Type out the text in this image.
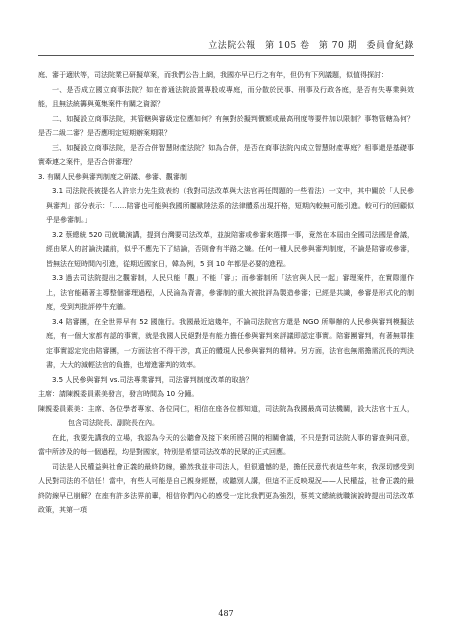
立法院公報 第 105 卷 第 70 期 委員會紀錄

庭、審于適狀等，司法院業已研擬草案，而我們公告上網，我國亦早已行之有年，但仍有下列議題，似值得探討：

一、是否成立國立商事法院？如在普通法院設置專股或專庭，而分散於民事、刑事及行政各庭，是否有失專業與效能，且無法統籌與蒐集案件有關之資源？

二、如擬設立商事法院，其管轄與審級定位應如何？有無對於擬判價額或最高刑度等要件加以限制？事物管轄為何？是否二級二審？是否應明定短期辦案期限？

三、如擬設立商事法院，是否合併智慧財產法院？如為合併，是否在商事法院內成立智慧財產專庭？相事還是基礎事實牽連之案件，是否合併審理？

3. 有關人民參與審判制度之研議、參審、觀審制

3.1 司法院長被提名人許宗力先生致表約（我對司法改革與大法官再任問題的一些看法）一文中，其中關於「人民參與審判」部分表示：「……陪審也可能與我國所屬歐陸法系的法律體系出現扞格，短期內較無可能引進。較可行的回顧似乎是參審制。」

3.2 蔡總統 520 司就職演講，提到台灣要司法改革，並說陪審或參審來選擇一事，竟然在本屆由全國司法國是會議，經由眾人的討論決議前，似乎不應先下了結論，否則會有半路之嫌。任何一種人民參與審判制度，不論是陪審或參審，皆無法在短時間內引進，從期近國家日，韓為例，5 到 10 年都是必要的進程。

3.3 過去司法院提出之觀審制，人民只能「觀」不能「審」；而參審制所「法官與人民一起」審理案件，在實際運作上，法官能藉著主導整個審理過程，人民淪為背書，參審制的重大被批評為製造參審；已經是共識，參審是形式化的制度，受到判批評停牛充牆。

3.4 陪審團，在全世界早有 52 國施行。我國最近這幾年，不論司法院官方還是 NGO 所舉辦的人民參與審判模擬法庭，有一個大家都有認的事實，就是我國人民絕對是有能力擔任參與審判來評議即認定事實。陪審團審判，有著無罪推定事實認定完由陪審團，一方面法官不得干涉，真正的體現人民參與審判的精神。另方面，法官也無需擔需沉長的判決書，大大的減輕法官的負擔，也增進審判的效率。

3.5 人民參與審判 vs.司法專業審判，司法審判制度改革的取捨？

主席：請陳親委員素美發言，發言時間為 10 分鐘。

陳親委員素美：主席、各位學者專家、各位同仁，相信在座各位都知道，司法院為我國最高司法機關，設大法官十五人，包含司法院長、副院長在內。

在此，我要先講我的立場，我認為今天的公聽會及接下來所將召開的相關會議，不只是對司法院人事的審查與同意，當中所涉及的每一個過程，均是對國家，特別是希望司法改革的民眾的正式回應。

司法是人民權益與社會正義的最終防線，雖然我並非司法人，但很遺憾的是，擔任民意代表這些年來，我深切感受到人民對司法的不信任！當中，有些人可能是自己親身經歷，或聽別人講，但這不正反映現況——人民權益，社會正義的最終防線早已崩解？在座有許多法界前輩，相信你們內心的感受一定比我們更為強烈，蔡英文總統就職演說時提出司法改革政策，其第一項

487
